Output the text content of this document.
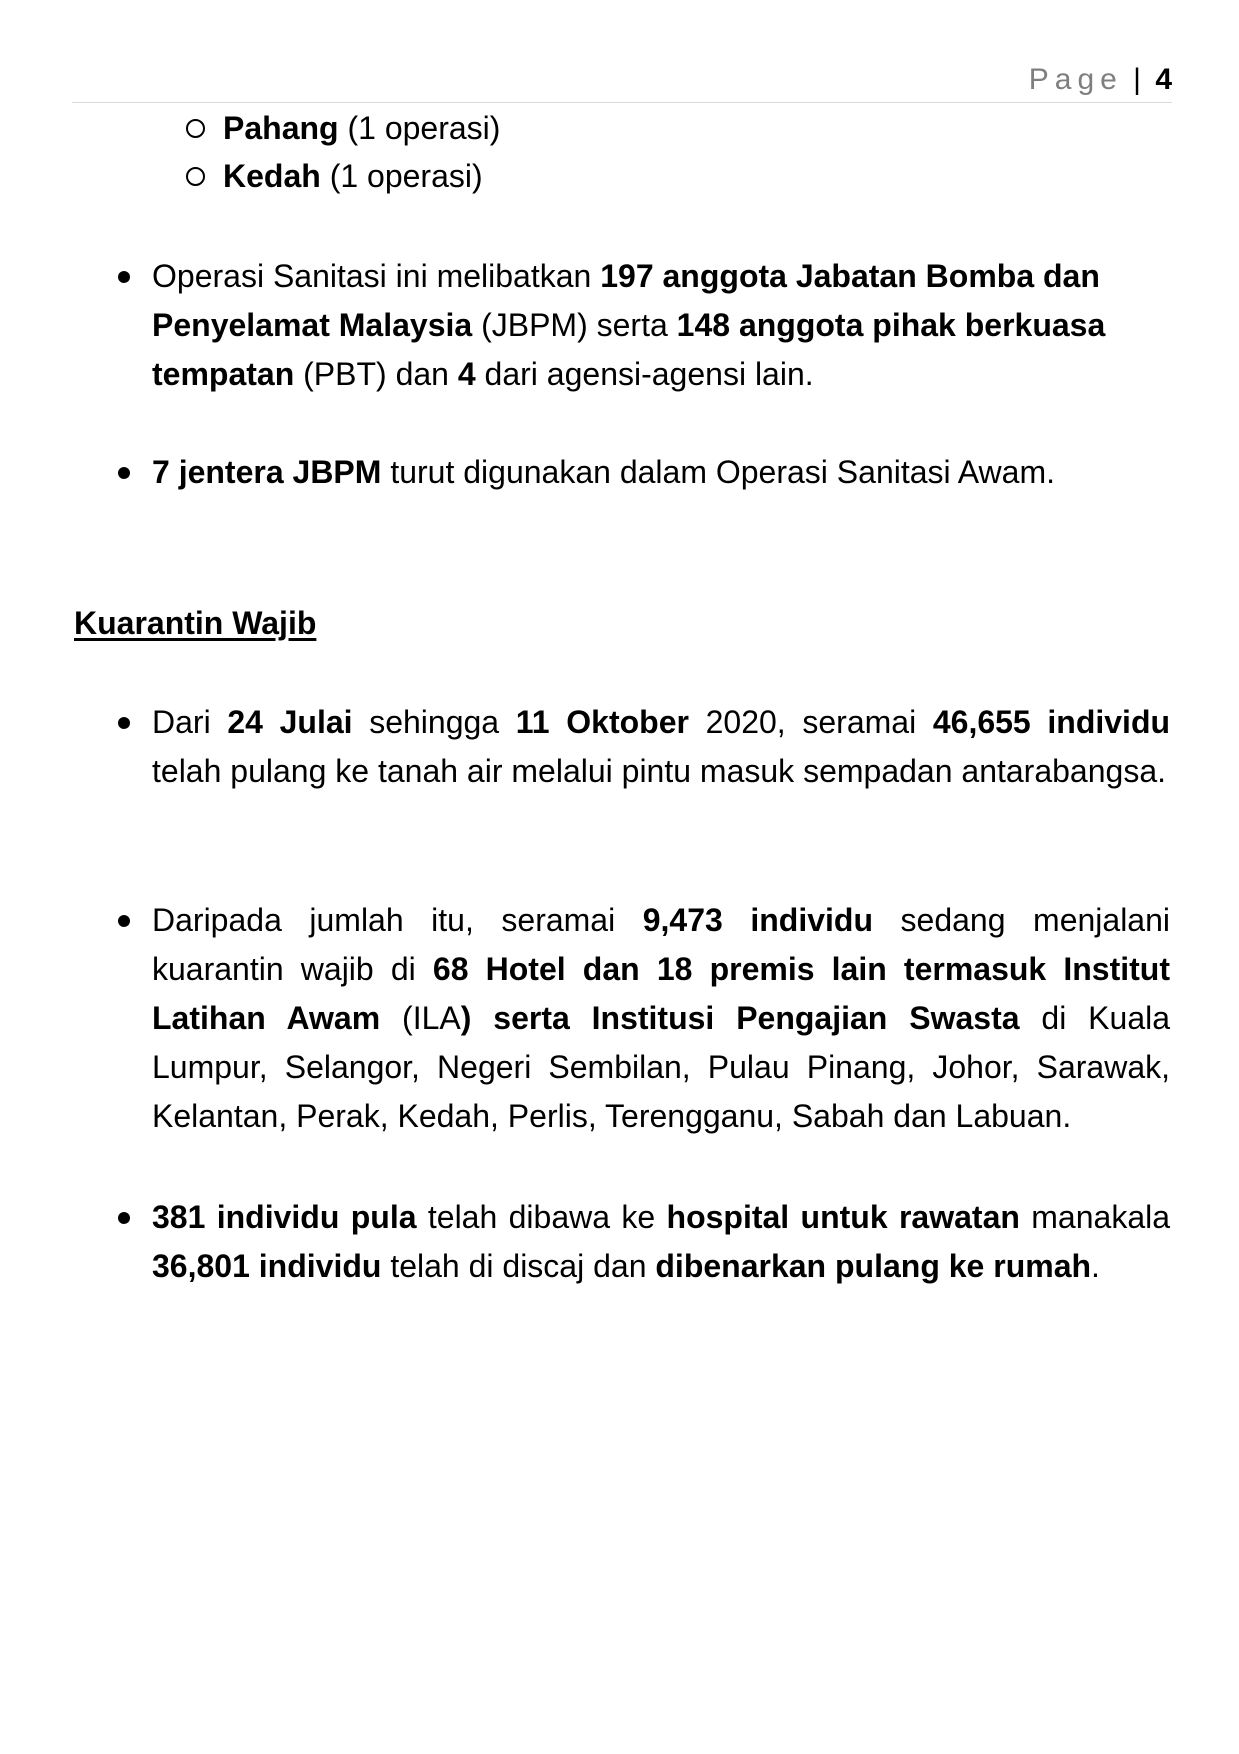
Page | 4
Pahang (1 operasi)
Kedah (1 operasi)
Operasi Sanitasi ini melibatkan 197 anggota Jabatan Bomba dan Penyelamat Malaysia (JBPM) serta 148 anggota pihak berkuasa tempatan (PBT) dan 4 dari agensi-agensi lain.
7 jentera JBPM turut digunakan dalam Operasi Sanitasi Awam.
Kuarantin Wajib
Dari 24 Julai sehingga 11 Oktober 2020, seramai 46,655 individu telah pulang ke tanah air melalui pintu masuk sempadan antarabangsa.
Daripada jumlah itu, seramai 9,473 individu sedang menjalani kuarantin wajib di 68 Hotel dan 18 premis lain termasuk Institut Latihan Awam (ILA) serta Institusi Pengajian Swasta di Kuala Lumpur, Selangor, Negeri Sembilan, Pulau Pinang, Johor, Sarawak, Kelantan, Perak, Kedah, Perlis, Terengganu, Sabah dan Labuan.
381 individu pula telah dibawa ke hospital untuk rawatan manakala 36,801 individu telah di discaj dan dibenarkan pulang ke rumah.
